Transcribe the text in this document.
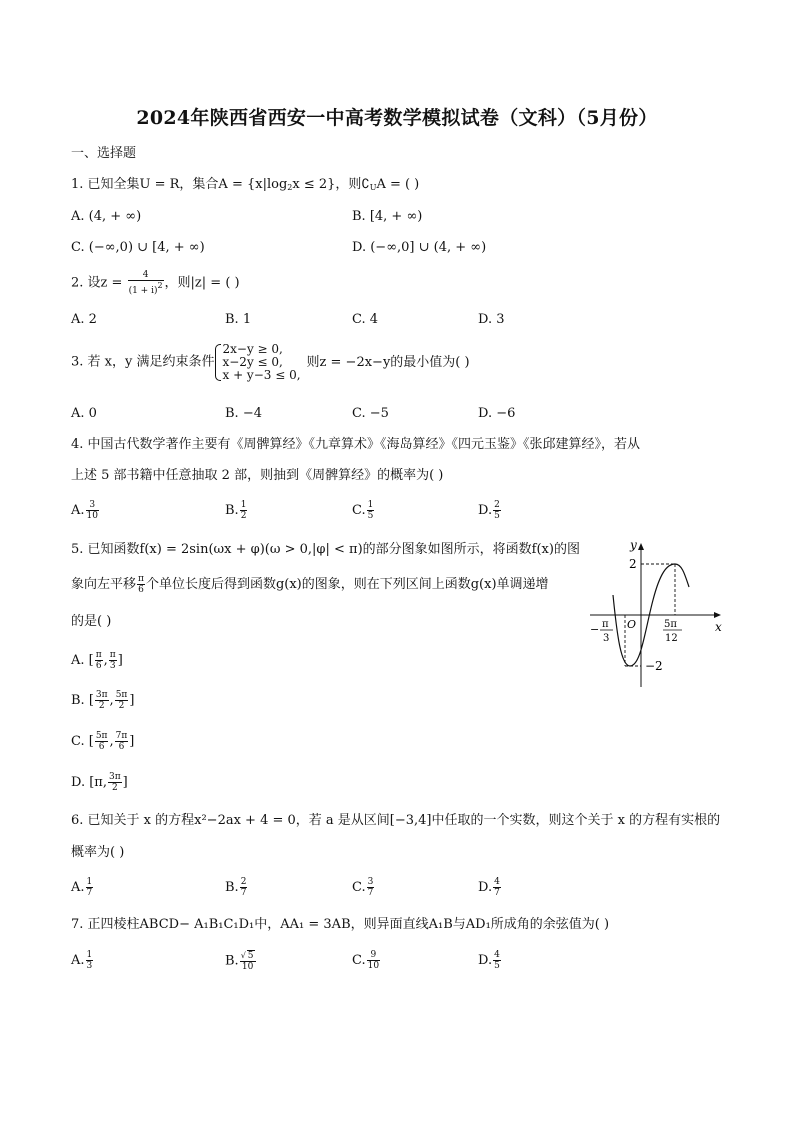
2024年陕西省西安一中高考数学模拟试卷（文科）（5月份）
一、选择题
1. 已知全集U = R，集合$A = \{x|\log_2x \le 2\}$，则$∁_UA$ = ( )
A. (4, + ∞)	B. [4, + ∞)
C. (−∞,0) ∪ [4, + ∞)	D. (−∞,0] ∪ (4, + ∞)
2. 设$z = \frac{4}{(1 + i)2}$ ，则|z| = ( )
A. 2	B. 1	C. 4	D. 3
3. 若 x，y 满足约束条件
2x−y ≥ 0,
x−2y ≤ 0,
x + y−3 ≤ 0,
则z = −2x−y的最小值为( )
A. 0	B. −4	C. −5	D. −6
4. 中国古代数学著作主要有《周髀算经》《九章算术》《海岛算经》《四元玉鉴》《张邱建算经》，若从
上述 5 部书籍中任意抽取 2 部，则抽到《周髀算经》的概率为( )
A. $\frac{3}{10}$	B. $\frac{1}{2}$	C. $\frac{1}{5}$	D. $\frac{2}{5}$
5. 已知函数f(x) = 2sin(ωx + φ)(ω > 0,|φ| < π)的部分图象如图所示，将函数f(x)的图
象向左平移 $\frac{\pi}{6}$ 个单位长度后得到函数g(x)的图象，则在下列区间上函数g(x)单调递增
的是( )
A. [ $\frac{\pi}{6}$ , $\frac{\pi}{3}$ ]
B. [ $\frac{3\pi}{2}$ , $\frac{5\pi}{2}$ ]
C. [ $\frac{5\pi}{6}$ , $\frac{7\pi}{6}$ ]
D. [π, $\frac{3\pi}{2}$ ]
y
x
O
2
−2
− π
3
5π
12
6. 已知关于 x 的方程x²−2ax + 4 = 0，若 a 是从区间[−3,4]中任取的一个实数，则这个关于 x 的方程有实根的
概率为( )
A. $\frac{1}{7}$	B. $\frac{2}{7}$	C. $\frac{3}{7}$	D. $\frac{4}{7}$
7. 正四棱柱ABCD− A₁B₁C₁D₁中，AA₁ = 3AB，则异面直线A₁B与AD₁所成角的余弦值为( )
A. $\frac{1}{3}$	B. $\frac{√ 5}{10}$	C. $\frac{9}{10}$	D. $\frac{4}{5}$
